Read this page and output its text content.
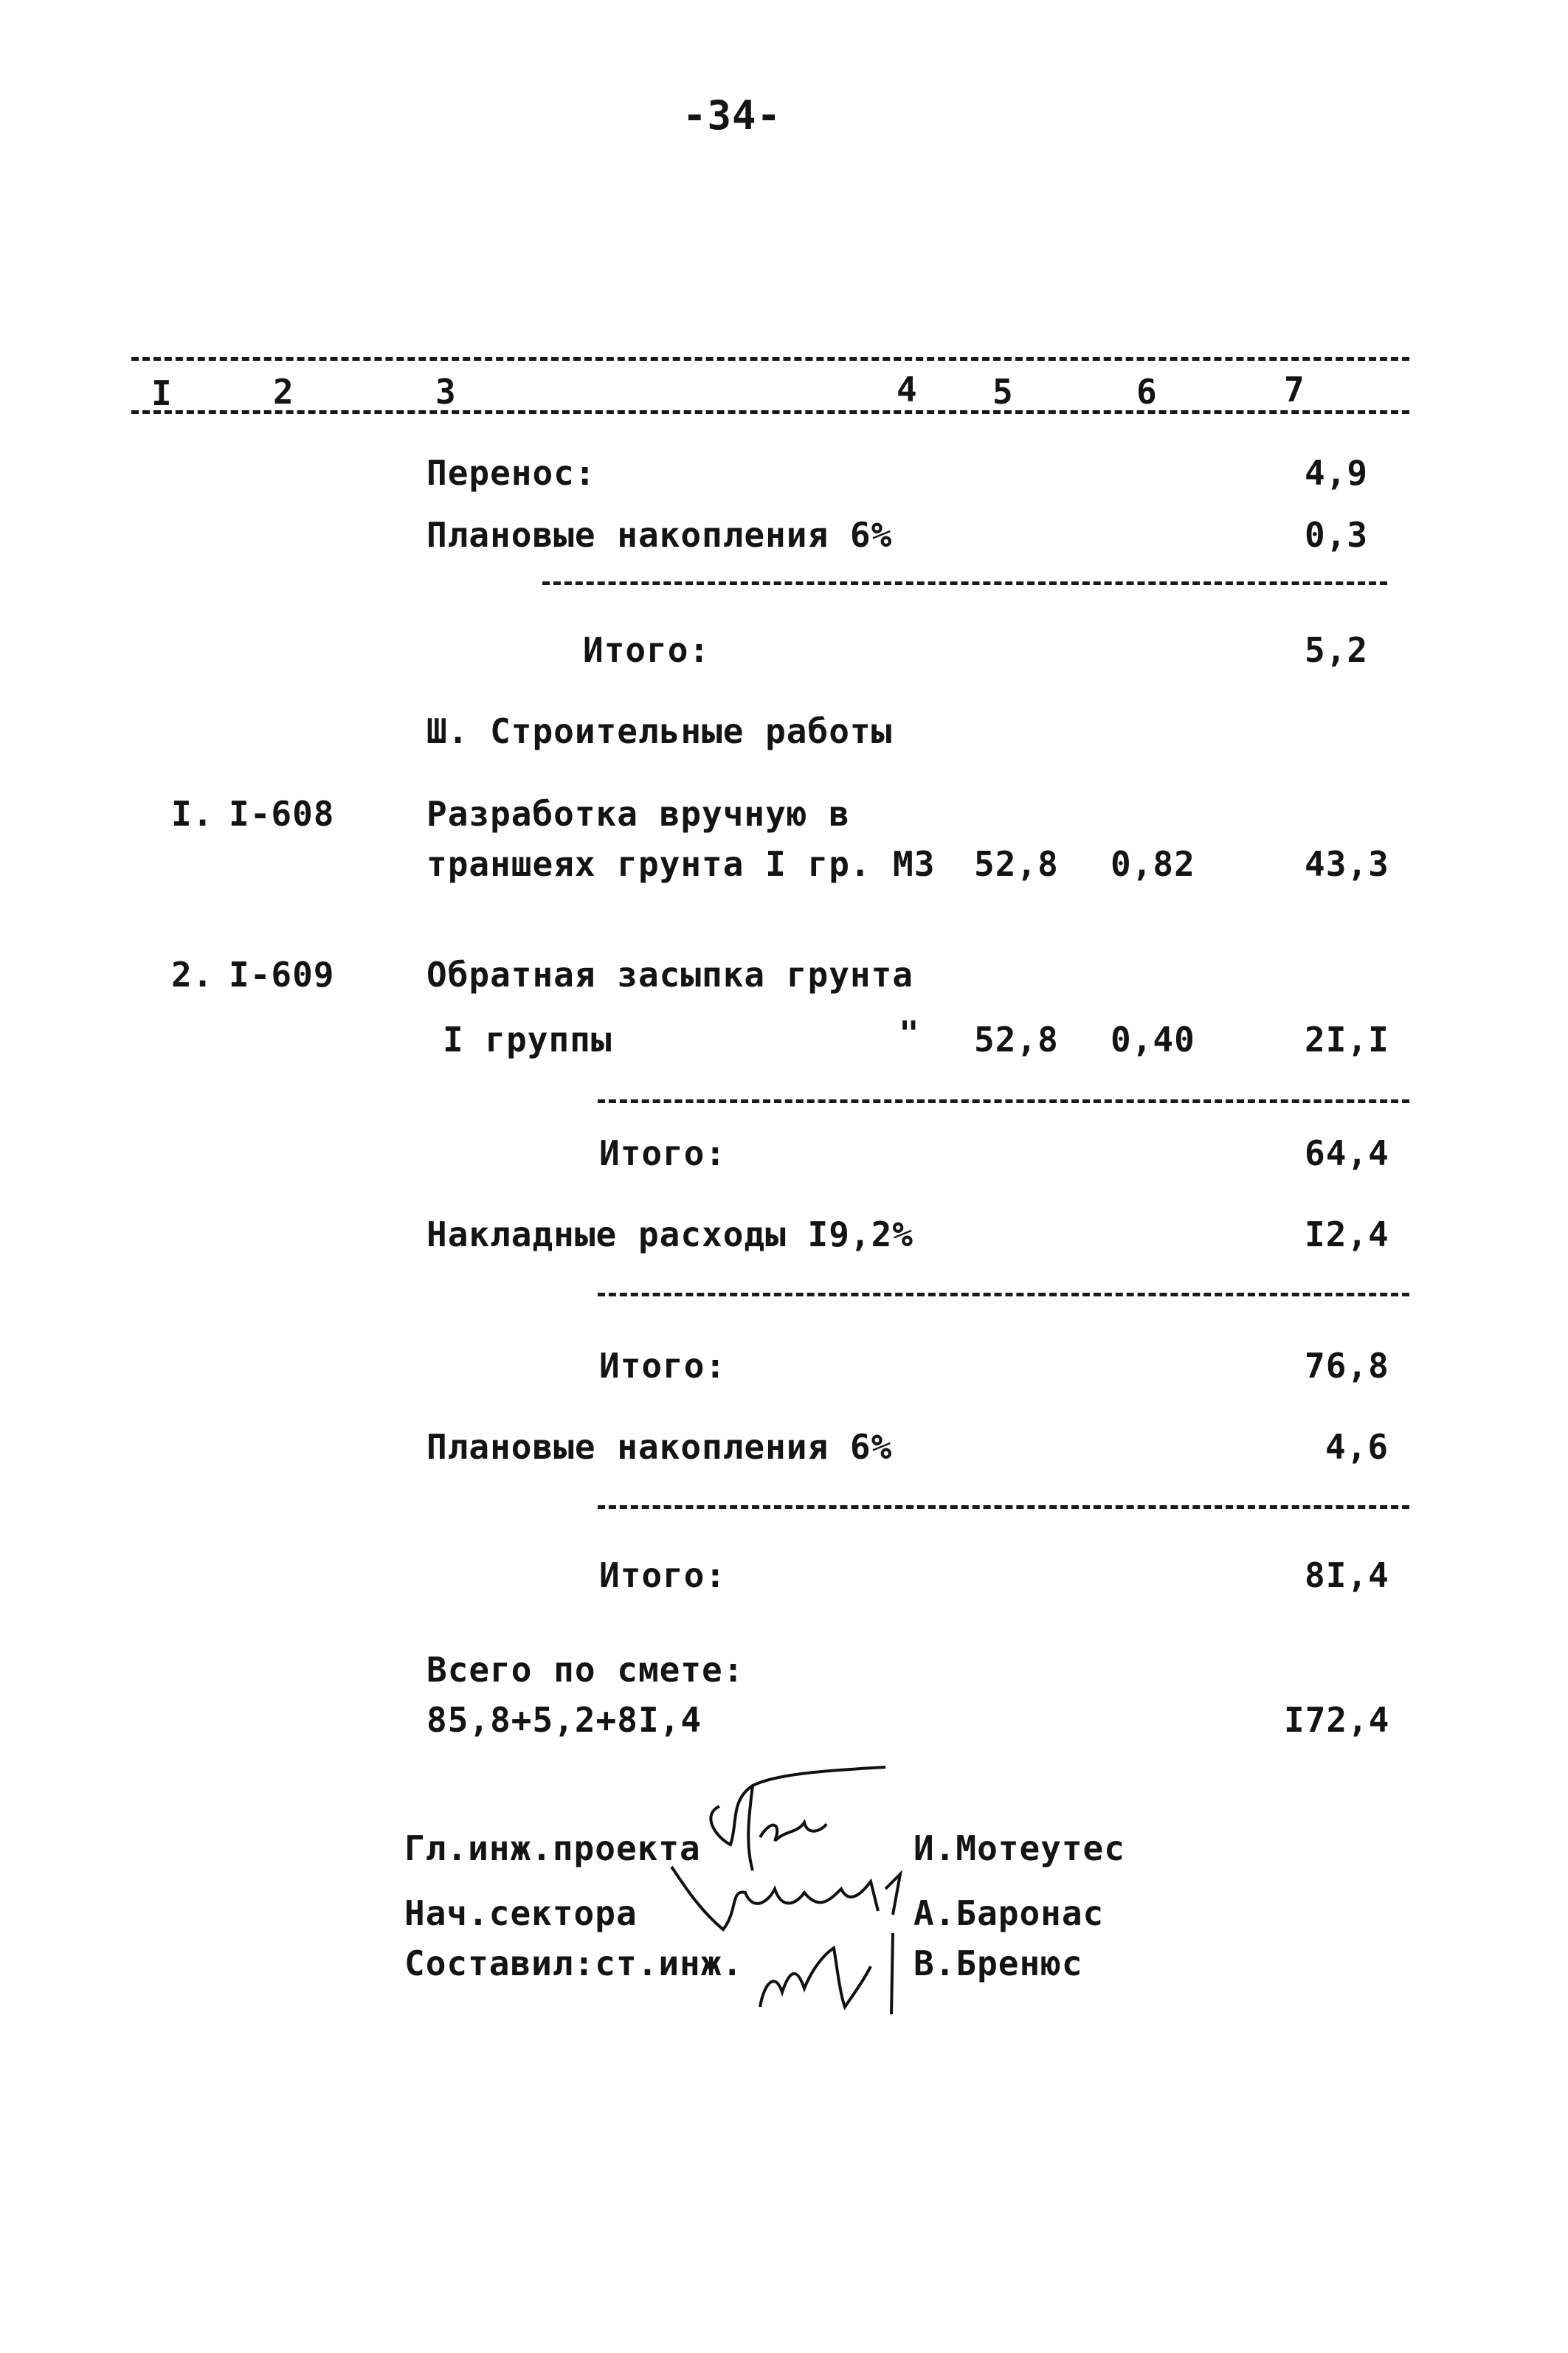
-34-
I	2	3	4 5	6	7
Перенос:	4,9
Плановые накопления 6%	0,3
Итого:	5,2
Ш. Строительные работы
I. I-608	Разработка вручную в
траншеях грунта I гр. М3 52,8 0,82	43,3
2. I-609	Обратная засыпка грунта
I группы	" 52,8 0,40	2I,I
Итого:	64,4
Накладные расходы I9,2%	I2,4
Итого:	76,8
Плановые накопления 6%	4,6
Итого:	8I,4
Всего по смете:
85,8+5,2+8I,4	I72,4
Гл.инж.проекта	И.Мотеутес
Нач.сектора	А.Баронас
Составил:ст.инж.	В.Бренюс
